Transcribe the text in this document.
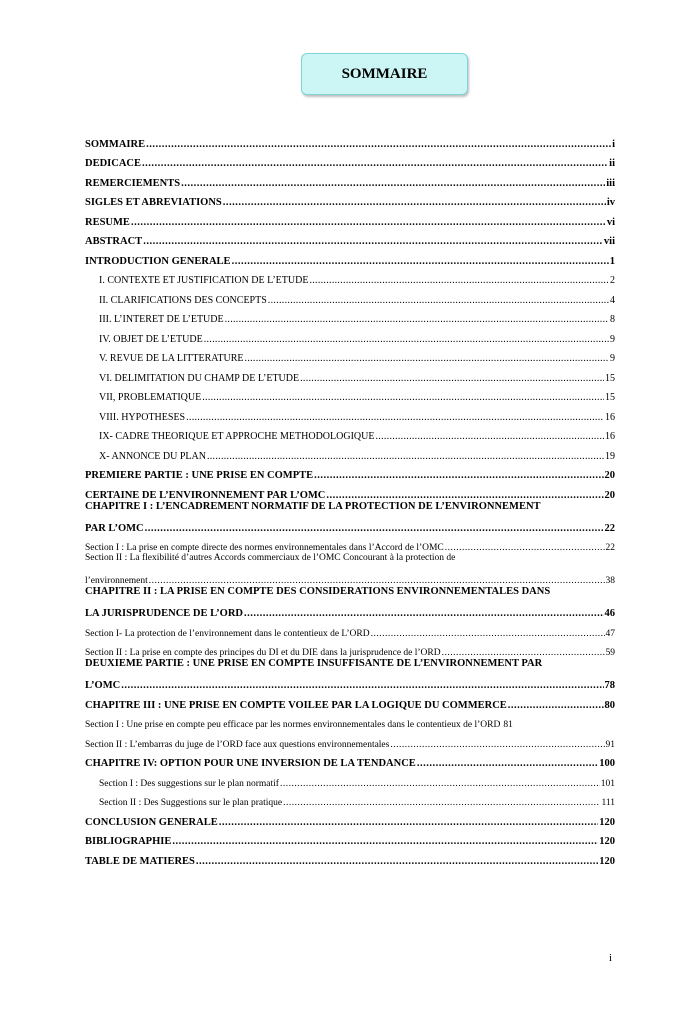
SOMMAIRE
SOMMAIRE .....	i
DEDICACE .....	ii
REMERCIEMENTS .....	iii
SIGLES ET ABREVIATIONS .....	iv
RESUME .....	vi
ABSTRACT .....	vii
INTRODUCTION GENERALE .....	1
I. CONTEXTE ET JUSTIFICATION DE L’ETUDE .....	2
II. CLARIFICATIONS DES CONCEPTS .....	4
III. L’INTERET DE L’ETUDE .....	8
IV. OBJET DE L’ETUDE .....	9
V. REVUE DE LA LITTERATURE .....	9
VI. DELIMITATION DU CHAMP DE L’ETUDE .....	15
VII, PROBLEMATIQUE .....	15
VIII. HYPOTHESES .....	16
IX- CADRE THEORIQUE ET APPROCHE METHODOLOGIQUE .....	16
X- ANNONCE DU PLAN .....	19
PREMIERE PARTIE : UNE PRISE EN COMPTE .....	20
CERTAINE DE L’ENVIRONNEMENT PAR L’OMC .....	20
CHAPITRE I : L’ENCADREMENT NORMATIF DE LA PROTECTION DE L’ENVIRONNEMENT
PAR L’OMC .....	22
Section I : La prise en compte directe des normes environnementales dans l’Accord de l’OMC .....	22
Section II : La flexibilité d’autres Accords commerciaux de l’OMC Concourant à la protection de
l’environnement .....	38
CHAPITRE II : LA PRISE EN COMPTE DES CONSIDERATIONS ENVIRONNEMENTALES DANS
LA JURISPRUDENCE DE L’ORD .....	46
Section I- La protection de l’environnement dans le contentieux de L’ORD .....	47
Section II : La prise en compte des principes du DI et du DIE dans la jurisprudence de l’ORD .....	59
DEUXIEME PARTIE : UNE PRISE EN COMPTE INSUFFISANTE DE L’ENVIRONNEMENT PAR
L’OMC .....	78
CHAPITRE III : UNE PRISE EN COMPTE VOILEE PAR LA LOGIQUE DU COMMERCE .....	80
Section I : Une prise en compte peu efficace par les normes environnementales dans le contentieux de l’ORD 81
Section II : L’embarras du juge de l’ORD face aux questions environnementales .....	91
CHAPITRE IV: OPTION POUR UNE INVERSION DE LA TENDANCE .....	100
Section I : Des suggestions sur le plan normatif .....	101
Section II : Des Suggestions sur le plan pratique .....	111
CONCLUSION GENERALE .....	120
BIBLIOGRAPHIE .....	120
TABLE DE MATIERES .....	120
i
